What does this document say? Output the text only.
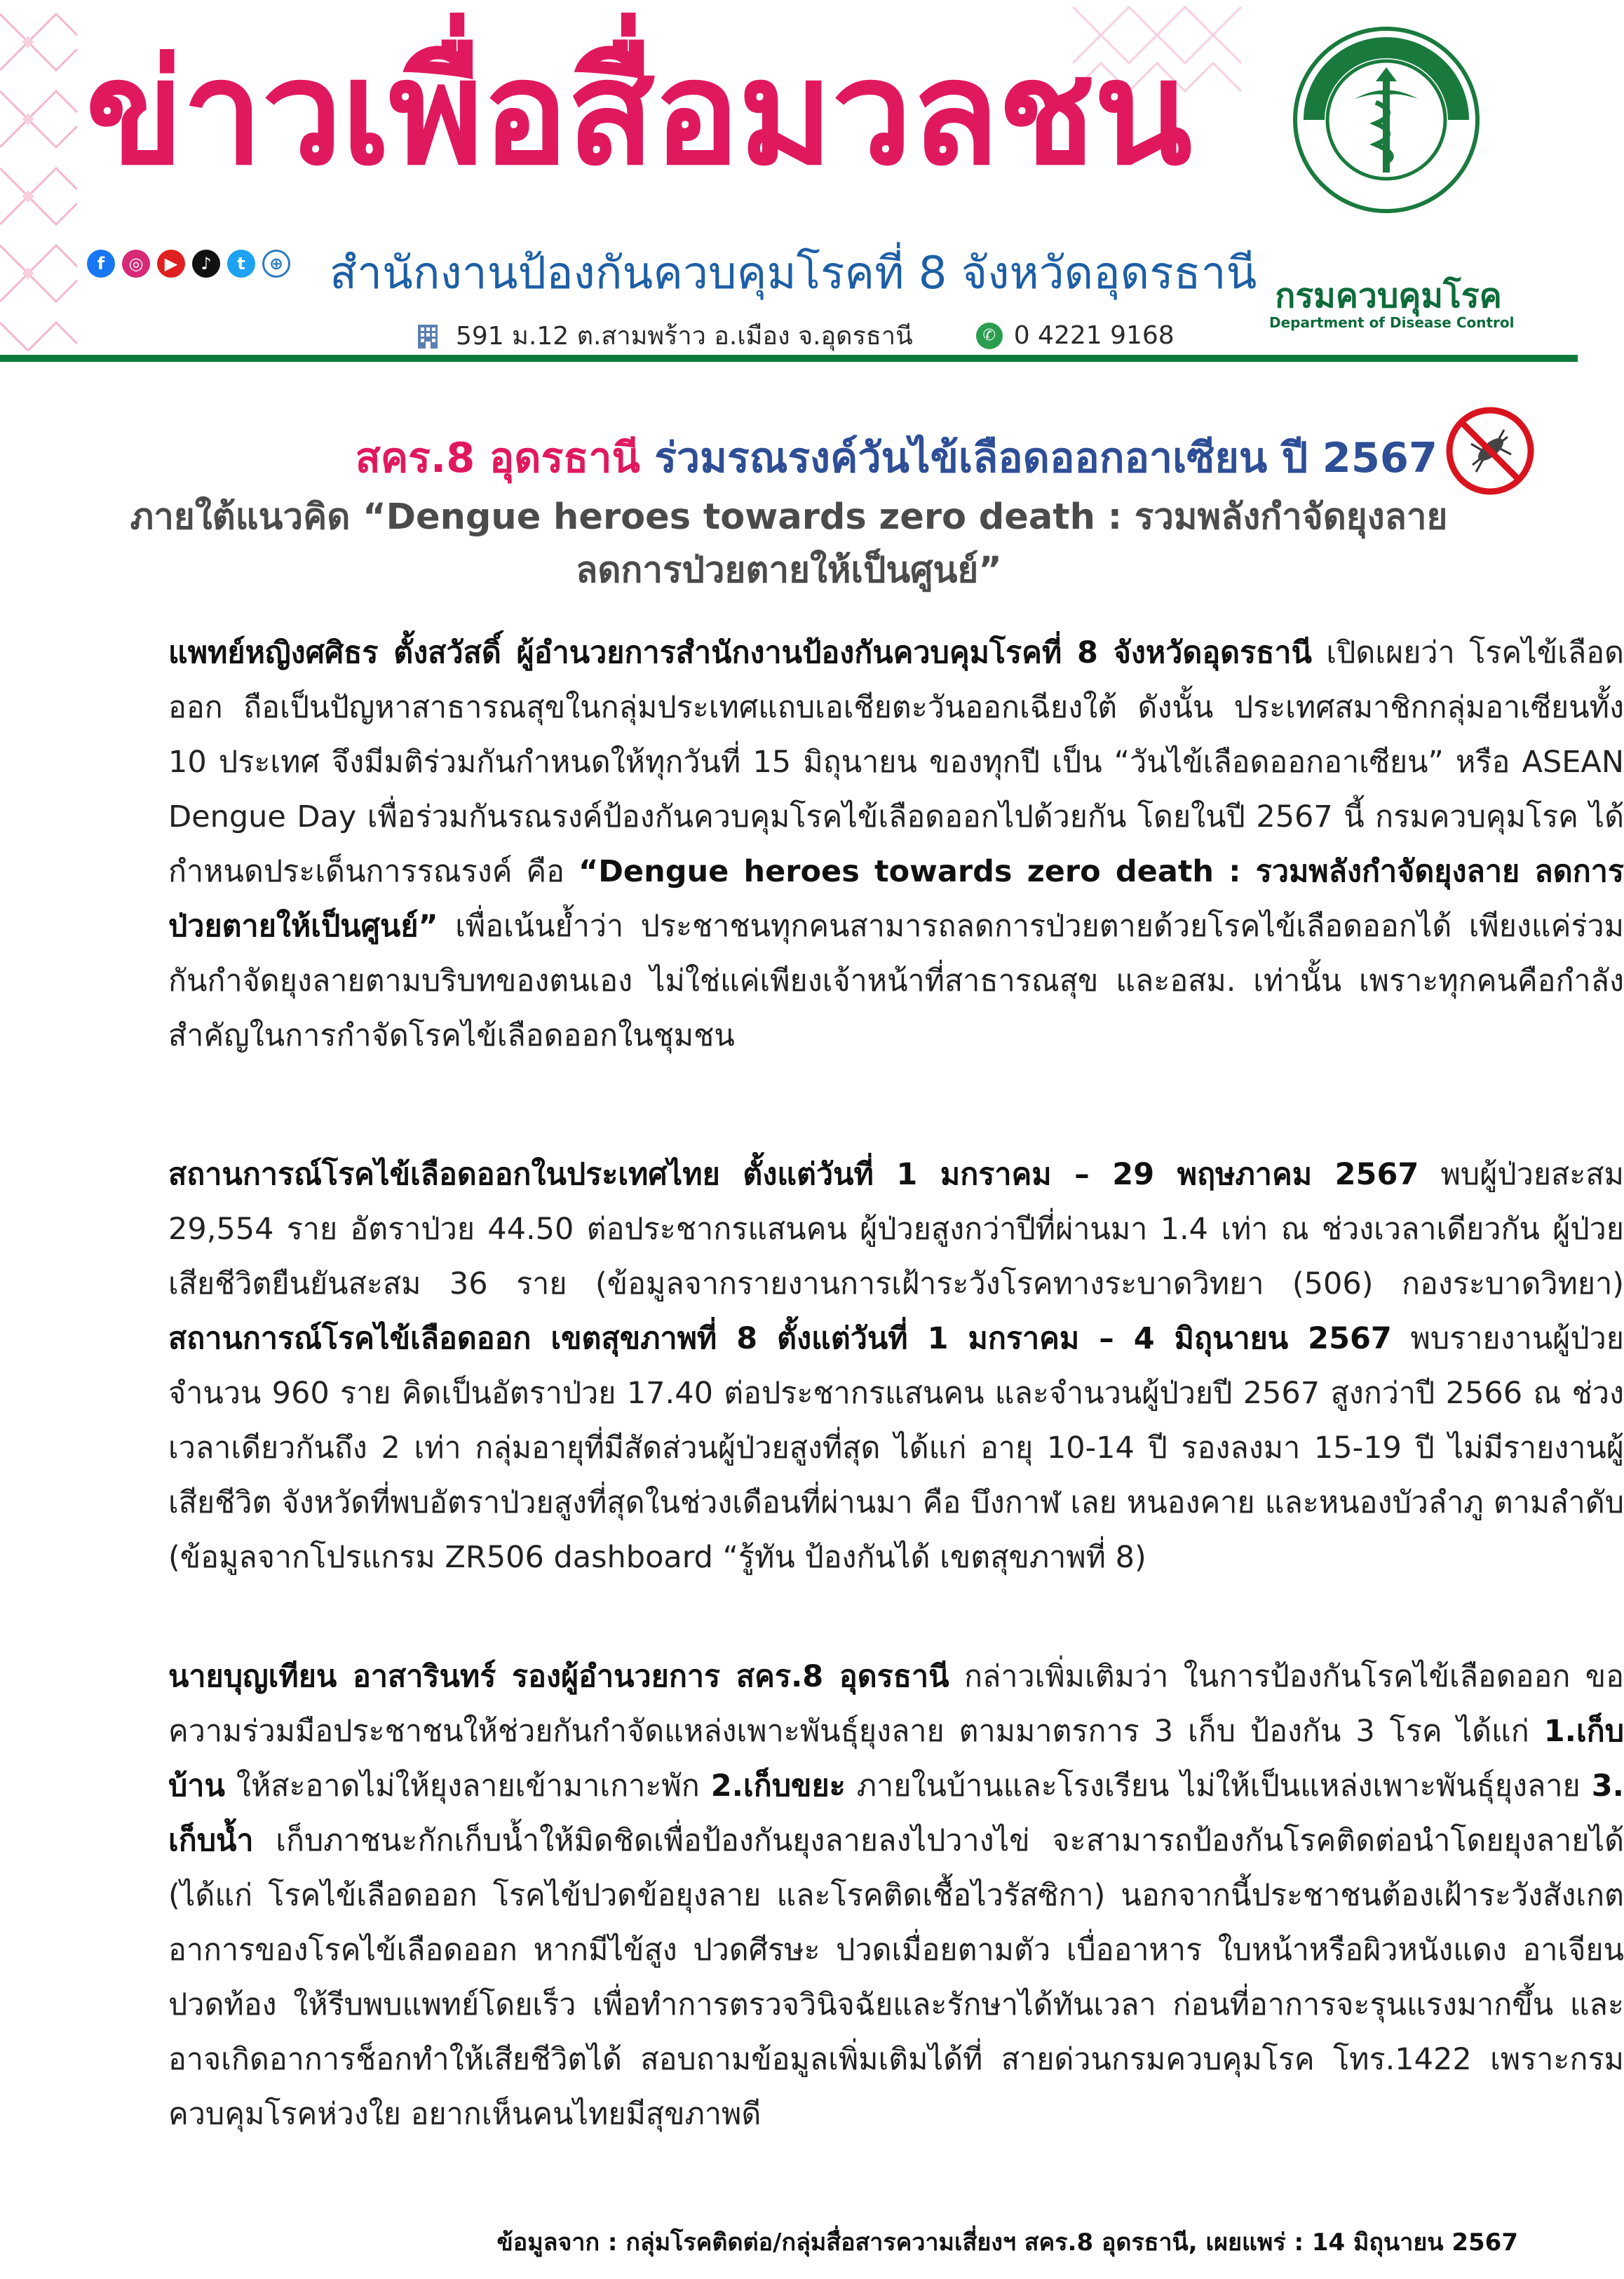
ข่าวเพื่อสื่อมวลชน
f	◎	▶	♪	t	⊕ สำนักงานป้องกันควบคุมโรคที่ 8 จังหวัดอุดรธานี
591 ม.12 ต.สามพร้าว อ.เมือง จ.อุดรธานี	✆ 0 4221 9168
กรมควบคุมโรค
Department of Disease Control
สคร.8 อุดรธานี ร่วมรณรงค์วันไข้เลือดออกอาเซียน ปี 2567
ภายใต้แนวคิด “Dengue heroes towards zero death : รวมพลังกำจัดยุงลาย
ลดการป่วยตายให้เป็นศูนย์”
แพทย์หญิงศศิธร ตั้งสวัสดิ์ ผู้อำนวยการสำนักงานป้องกันควบคุมโรคที่ 8 จังหวัดอุดรธานี เปิดเผยว่า โรคไข้เลือดออก ถือเป็นปัญหาสาธารณสุขในกลุ่มประเทศแถบเอเชียตะวันออกเฉียงใต้ ดังนั้น ประเทศสมาชิกกลุ่มอาเซียนทั้ง 10 ประเทศ จึงมีมติร่วมกันกำหนดให้ทุกวันที่ 15 มิถุนายน ของทุกปี เป็น “วันไข้เลือดออกอาเซียน” หรือ ASEAN Dengue Day เพื่อร่วมกันรณรงค์ป้องกันควบคุมโรคไข้เลือดออกไปด้วยกัน โดยในปี 2567 นี้ กรมควบคุมโรค ได้กำหนดประเด็นการรณรงค์ คือ “Dengue heroes towards zero death : รวมพลังกำจัดยุงลาย ลดการป่วยตายให้เป็นศูนย์” เพื่อเน้นย้ำว่า ประชาชนทุกคนสามารถลดการป่วยตายด้วยโรคไข้เลือดออกได้ เพียงแค่ร่วมกันกำจัดยุงลายตามบริบทของตนเอง ไม่ใช่แค่เพียงเจ้าหน้าที่สาธารณสุข และอสม. เท่านั้น เพราะทุกคนคือกำลังสำคัญในการกำจัดโรคไข้เลือดออกในชุมชน
สถานการณ์โรคไข้เลือดออกในประเทศไทย ตั้งแต่วันที่ 1 มกราคม – 29 พฤษภาคม 2567 พบผู้ป่วยสะสม 29,554 ราย อัตราป่วย 44.50 ต่อประชากรแสนคน ผู้ป่วยสูงกว่าปีที่ผ่านมา 1.4 เท่า ณ ช่วงเวลาเดียวกัน ผู้ป่วยเสียชีวิตยืนยันสะสม 36 ราย (ข้อมูลจากรายงานการเฝ้าระวังโรคทางระบาดวิทยา (506) กองระบาดวิทยา) สถานการณ์โรคไข้เลือดออก เขตสุขภาพที่ 8 ตั้งแต่วันที่ 1 มกราคม – 4 มิถุนายน 2567 พบรายงานผู้ป่วยจำนวน 960 ราย คิดเป็นอัตราป่วย 17.40 ต่อประชากรแสนคน และจำนวนผู้ป่วยปี 2567 สูงกว่าปี 2566 ณ ช่วงเวลาเดียวกันถึง 2 เท่า กลุ่มอายุที่มีสัดส่วนผู้ป่วยสูงที่สุด ได้แก่ อายุ 10-14 ปี รองลงมา 15-19 ปี ไม่มีรายงานผู้เสียชีวิต จังหวัดที่พบอัตราป่วยสูงที่สุดในช่วงเดือนที่ผ่านมา คือ บึงกาฬ เลย หนองคาย และหนองบัวลำภู ตามลำดับ (ข้อมูลจากโปรแกรม ZR506 dashboard “รู้ทัน ป้องกันได้ เขตสุขภาพที่ 8)
นายบุญเทียน อาสารินทร์ รองผู้อำนวยการ สคร.8 อุดรธานี กล่าวเพิ่มเติมว่า ในการป้องกันโรคไข้เลือดออก ขอความร่วมมือประชาชนให้ช่วยกันกำจัดแหล่งเพาะพันธุ์ยุงลาย ตามมาตรการ 3 เก็บ ป้องกัน 3 โรค ได้แก่ 1.เก็บบ้าน ให้สะอาดไม่ให้ยุงลายเข้ามาเกาะพัก 2.เก็บขยะ ภายในบ้านและโรงเรียน ไม่ให้เป็นแหล่งเพาะพันธุ์ยุงลาย 3. เก็บน้ำ เก็บภาชนะกักเก็บน้ำให้มิดชิดเพื่อป้องกันยุงลายลงไปวางไข่ จะสามารถป้องกันโรคติดต่อนำโดยยุงลายได้ (ได้แก่ โรคไข้เลือดออก โรคไข้ปวดข้อยุงลาย และโรคติดเชื้อไวรัสซิกา) นอกจากนี้ประชาชนต้องเฝ้าระวังสังเกตอาการของโรคไข้เลือดออก หากมีไข้สูง ปวดศีรษะ ปวดเมื่อยตามตัว เบื่ออาหาร ใบหน้าหรือผิวหนังแดง อาเจียน ปวดท้อง ให้รีบพบแพทย์โดยเร็ว เพื่อทำการตรวจวินิจฉัยและรักษาได้ทันเวลา ก่อนที่อาการจะรุนแรงมากขึ้น และอาจเกิดอาการช็อกทำให้เสียชีวิตได้ สอบถามข้อมูลเพิ่มเติมได้ที่ สายด่วนกรมควบคุมโรค โทร.1422 เพราะกรมควบคุมโรคห่วงใย อยากเห็นคนไทยมีสุขภาพดี
ข้อมูลจาก : กลุ่มโรคติดต่อ/กลุ่มสื่อสารความเสี่ยงฯ สคร.8 อุดรธานี, เผยแพร่ : 14 มิถุนายน 2567
